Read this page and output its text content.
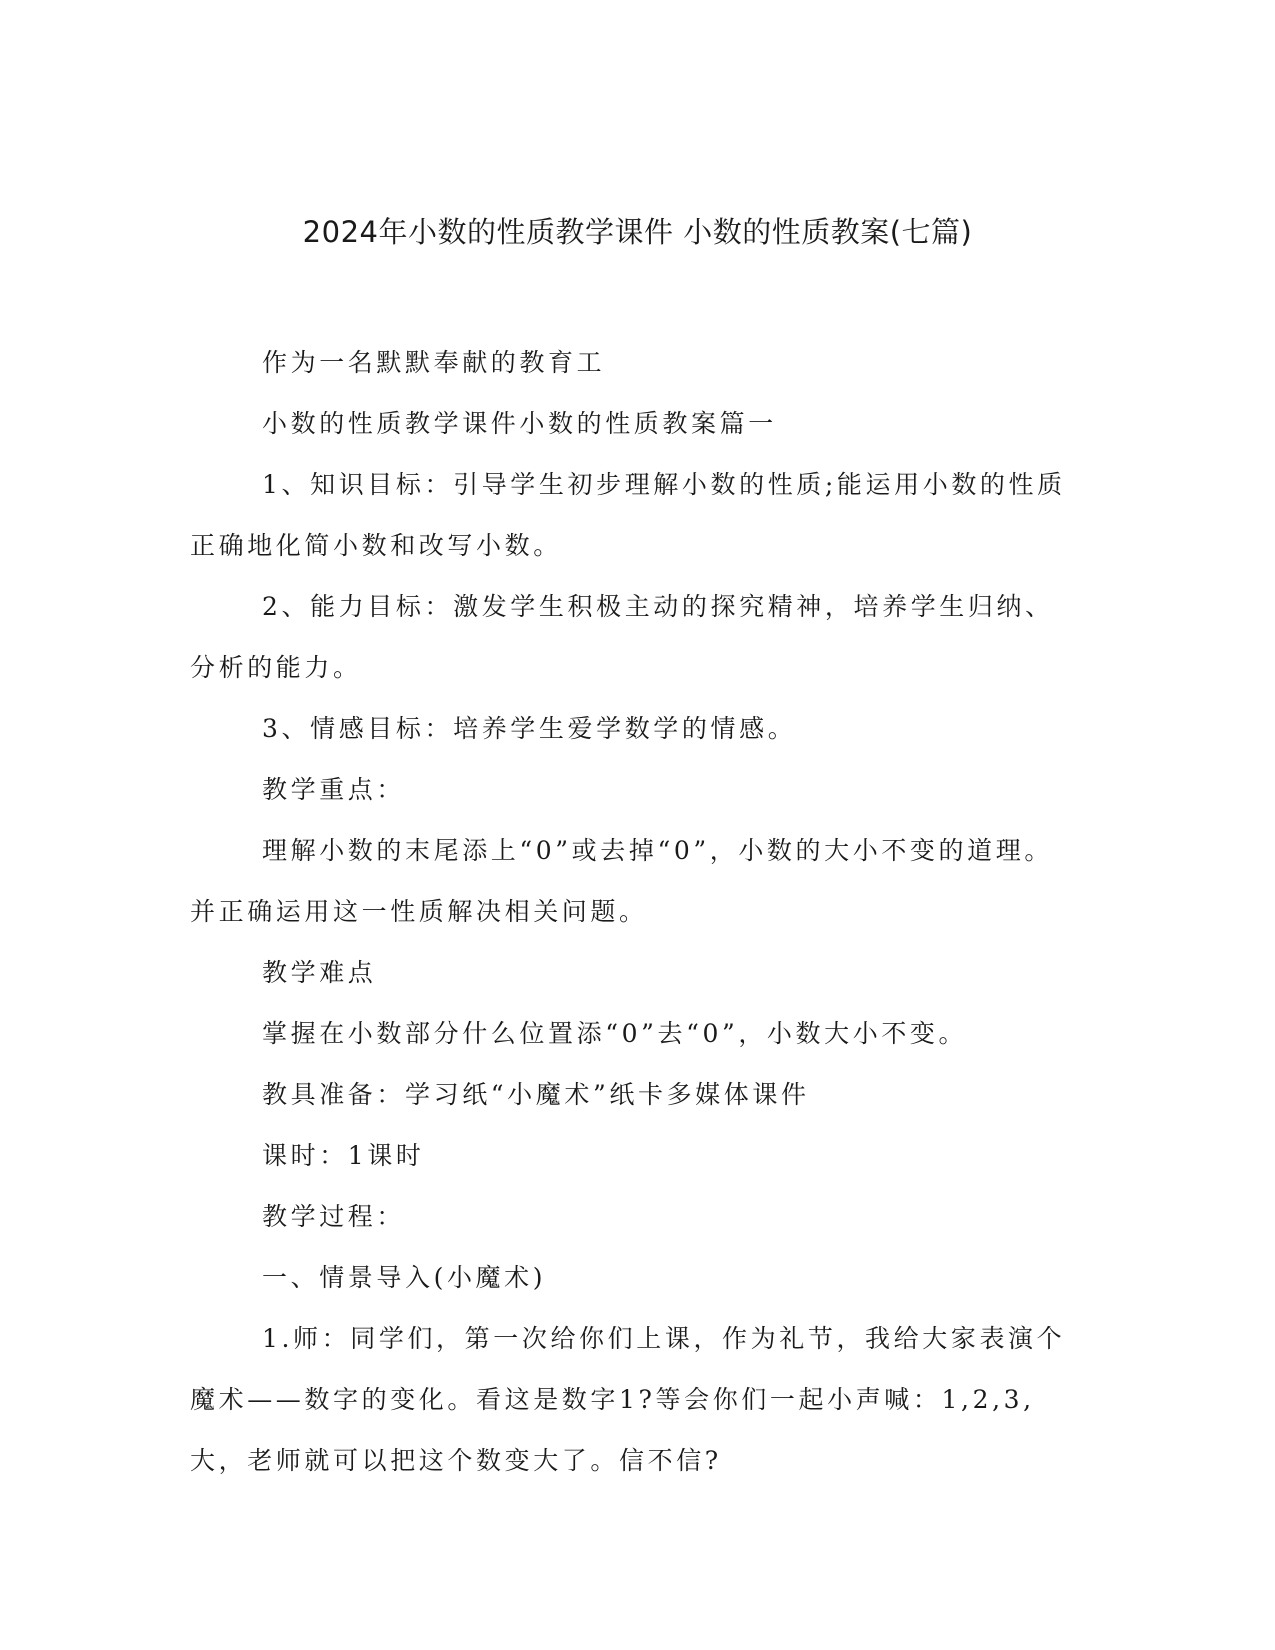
2024年小数的性质教学课件 小数的性质教案(七篇)

作为一名默默奉献的教育工

小数的性质教学课件小数的性质教案篇一

1、知识目标：引导学生初步理解小数的性质;能运用小数的性质正确地化简小数和改写小数。

2、能力目标：激发学生积极主动的探究精神，培养学生归纳、分析的能力。

3、情感目标：培养学生爱学数学的情感。

教学重点：

理解小数的末尾添上“0”或去掉“0”，小数的大小不变的道理。并正确运用这一性质解决相关问题。

教学难点

掌握在小数部分什么位置添“0”去“0”，小数大小不变。

教具准备：学习纸“小魔术”纸卡多媒体课件

课时：1课时

教学过程：

一、情景导入(小魔术)

1.师：同学们，第一次给你们上课，作为礼节，我给大家表演个魔术——数字的变化。看这是数字1?等会你们一起小声喊：1,2,3,大，老师就可以把这个数变大了。信不信?
